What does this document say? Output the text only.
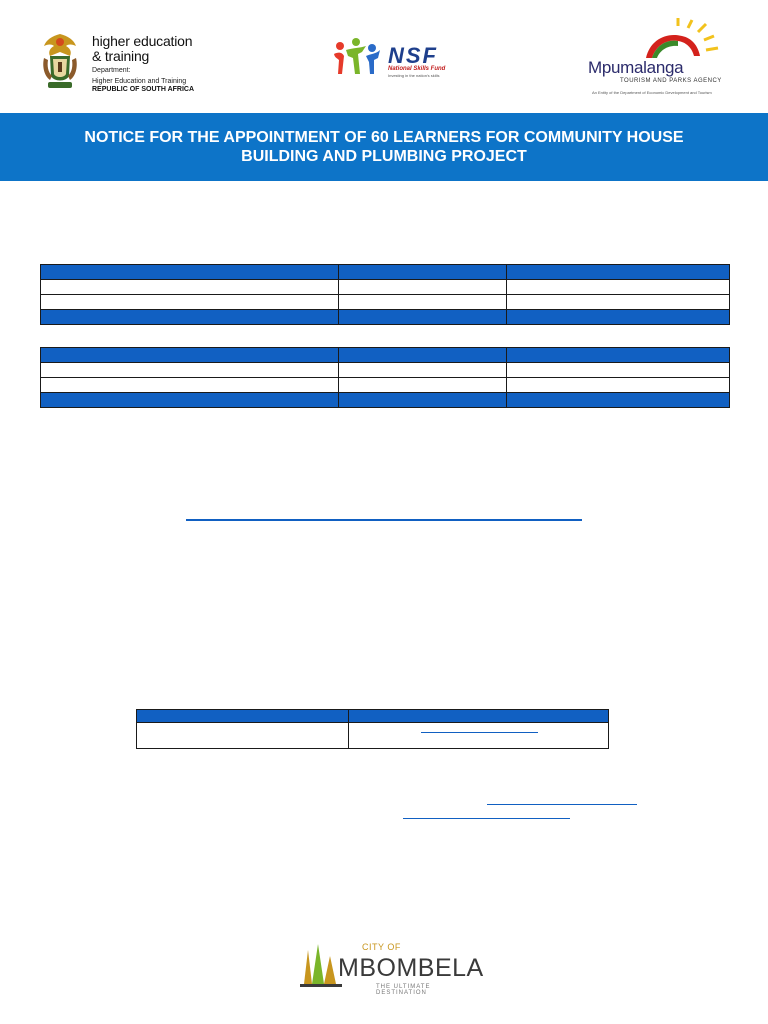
higher education
& training
Department:
Higher Education and Training
REPUBLIC OF SOUTH AFRICA
NSF
National Skills Fund
Investing in the nation's skills	Mpumalanga
TOURISM AND PARKS AGENCY
An Entity of the Department of Economic Development and Tourism
NOTICE FOR THE APPOINTMENT OF 60 LEARNERS FOR COMMUNITY HOUSE BUILDING AND PLUMBING PROJECT

CITY OF
MBOMBELA
THE ULTIMATE DESTINATION
